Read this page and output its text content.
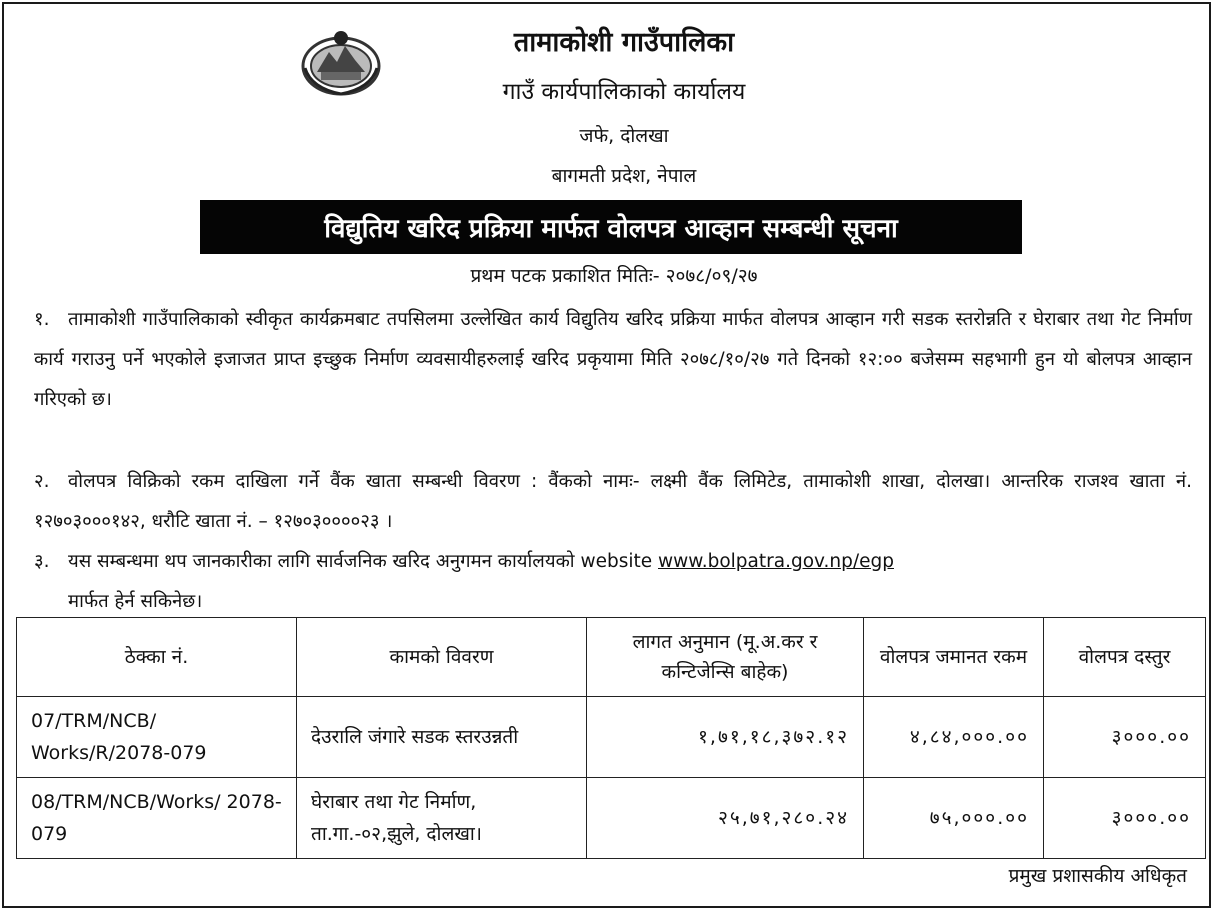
तामाकोशी गाउँपालिका
गाउँ कार्यपालिकाको कार्यालय
जफे, दोलखा
बागमती प्रदेश, नेपाल
विद्युतिय खरिद प्रक्रिया मार्फत वोलपत्र आव्हान सम्बन्धी सूचना
प्रथम पटक प्रकाशित मितिः- २०७८/०९/२७
१. तामाकोशी गाउँपालिकाको स्वीकृत कार्यक्रमबाट तपसिलमा उल्लेखित कार्य विद्युतिय खरिद प्रक्रिया मार्फत वोलपत्र आव्हान गरी सडक स्तरोन्नति र घेराबार तथा गेट निर्माण कार्य गराउनु पर्ने भएकोले इजाजत प्राप्त इच्छुक निर्माण व्यवसायीहरुलाई खरिद प्रकृयामा मिति २०७८/१०/२७ गते दिनको १२:०० बजेसम्म सहभागी हुन यो बोलपत्र आव्हान गरिएको छ।
२. वोलपत्र विक्रिको रकम दाखिला गर्ने वैंक खाता सम्बन्धी विवरण : वैंकको नामः- लक्ष्मी वैंक लिमिटेड, तामाकोशी शाखा, दोलखा। आन्तरिक राजश्व खाता नं. १२७०३०००१४२, धरौटि खाता नं. – १२७०३००००२३ ।
३. यस सम्बन्धमा थप जानकारीका लागि सार्वजनिक खरिद अनुगमन कार्यालयको website www.bolpatra.gov.np/egp
मार्फत हेर्न सकिनेछ।
ठेक्का नं.	कामको विवरण	लागत अनुमान (मू.अ.कर र कन्टिजेन्सि बाहेक)	वोलपत्र जमानत रकम	वोलपत्र दस्तुर
07/TRM/NCB/ Works/R/2078-079	देउरालि जंगारे सडक स्तरउन्नती	१,७१,१८,३७२.१२	४,८४,०००.००	३०००.००
08/TRM/NCB/Works/ 2078-079	घेराबार तथा गेट निर्माण, ता.गा.-०२,झुले, दोलखा।	२५,७१,२८०.२४	७५,०००.००	३०००.००
प्रमुख प्रशासकीय अधिकृत
